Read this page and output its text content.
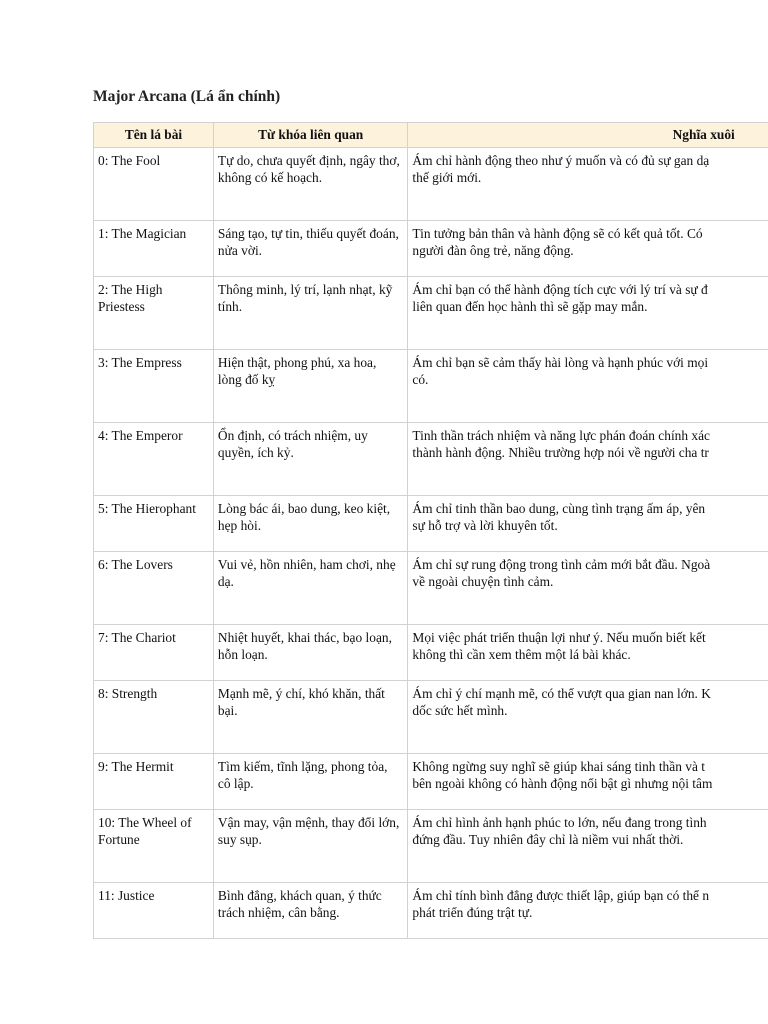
Major Arcana (Lá ẩn chính)
Tên lá bài	Từ khóa liên quan	Nghĩa xuôi
0: The Fool	Tự do, chưa quyết định, ngây thơ, không có kế hoạch.	Ám chỉ hành động theo như ý muốn và có đủ sự gan dạ
thế giới mới.

1: The Magician	Sáng tạo, tự tin, thiếu quyết đoán, nửa vời.	Tin tưởng bản thân và hành động sẽ có kết quả tốt. Có
người đàn ông trẻ, năng động.

2: The High Priestess	Thông minh, lý trí, lạnh nhạt, kỹ tính.	Ám chỉ bạn có thể hành động tích cực với lý trí và sự đ
liên quan đến học hành thì sẽ gặp may mắn.

3: The Empress	Hiện thật, phong phú, xa hoa, lòng đố kỵ	Ám chỉ bạn sẽ cảm thấy hài lòng và hạnh phúc với mọi
có.

4: The Emperor	Ổn định, có trách nhiệm, uy quyền, ích kỷ.	Tinh thần trách nhiệm và năng lực phán đoán chính xác
thành hành động. Nhiều trường hợp nói về người cha tr

5: The Hierophant	Lòng bác ái, bao dung, keo kiệt, hẹp hòi.	Ám chỉ tinh thần bao dung, cùng tình trạng ấm áp, yên
sự hỗ trợ và lời khuyên tốt.

6: The Lovers	Vui vẻ, hồn nhiên, ham chơi, nhẹ dạ.	Ám chỉ sự rung động trong tình cảm mới bắt đầu. Ngoà
về ngoài chuyện tình cảm.

7: The Chariot	Nhiệt huyết, khai thác, bạo loạn, hỗn loạn.	Mọi việc phát triển thuận lợi như ý. Nếu muốn biết kết
không thì cần xem thêm một lá bài khác.

8: Strength	Mạnh mẽ, ý chí, khó khăn, thất bại.	Ám chỉ ý chí mạnh mẽ, có thể vượt qua gian nan lớn. K
dốc sức hết mình.

9: The Hermit	Tìm kiếm, tĩnh lặng, phong tỏa, cô lập.	Không ngừng suy nghĩ sẽ giúp khai sáng tinh thần và t
bên ngoài không có hành động nổi bật gì nhưng nội tâm

10: The Wheel of Fortune	Vận may, vận mệnh, thay đổi lớn, suy sụp.	Ám chỉ hình ảnh hạnh phúc to lớn, nếu đang trong tình
đứng đầu. Tuy nhiên đây chỉ là niềm vui nhất thời.

11: Justice	Bình đẳng, khách quan, ý thức trách nhiệm, cân bằng.	Ám chỉ tính bình đẳng được thiết lập, giúp bạn có thể n
phát triển đúng trật tự.
